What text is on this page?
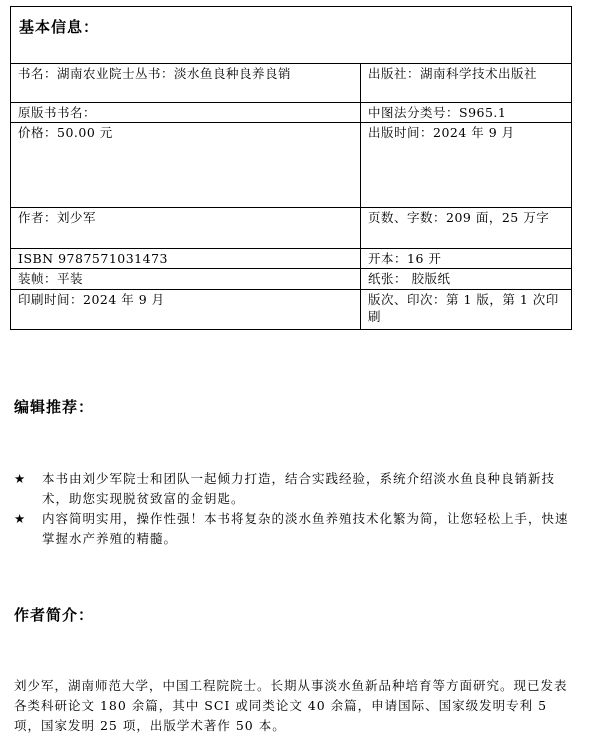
基本信息：	
书名：湖南农业院士丛书：淡水鱼良种良养良销	出版社：湖南科学技术出版社
原版书书名：	中图法分类号：S965.1
价格：50.00 元	出版时间：2024 年 9 月
作者：刘少军	页数、字数：209 面，25 万字
ISBN 9787571031473	开本：16 开
装帧：平装	纸张： 胶版纸
印刷时间：2024 年 9 月	版次、印次：第 1 版，第 1 次印刷
编辑推荐：
★ 本书由刘少军院士和团队一起倾力打造，结合实践经验，系统介绍淡水鱼良种良销新技术，助您实现脱贫致富的金钥匙。
★ 内容简明实用，操作性强！本书将复杂的淡水鱼养殖技术化繁为简，让您轻松上手，快速掌握水产养殖的精髓。
作者简介：

刘少军，湖南师范大学，中国工程院院士。长期从事淡水鱼新品种培育等方面研究。现已发表各类科研论文 180 余篇，其中 SCI 或同类论文 40 余篇，申请国际、国家级发明专利 5 项，国家发明 25 项，出版学术著作 50 本。
